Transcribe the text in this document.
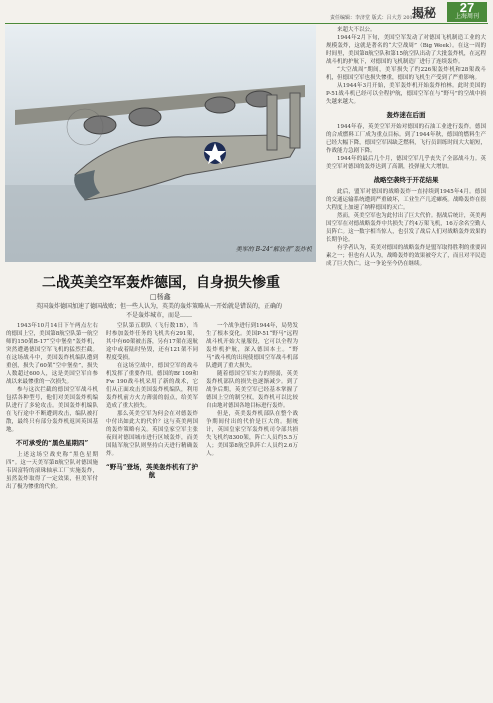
揭秘
责任编辑：李济堂 版式：吕大芳 2018.2.2
27
上海周刊
美军的 B-24“解放者”轰炸机
二战英美空军轰炸德国，自身损失惨重
□杨鑫
英国轰炸德国加速了德国战败；但一些人认为，英美的轰炸策略从一开始就是错误的，正确的不是轰炸城市，而是……

1943年10月14日下午两点左右的德国上空，美国第8航空队第一航空师的150架B-17“空中堡垒”轰炸机，突然遭遇德国空军飞机的猛烈拦截。在这场战斗中，美国轰炸机编队遭到重创，损失了60架“空中堡垒”，损失人数超过600人，这是美国空军自参战以来最惨重的一次损失。

参与这次拦截的德国空军战斗机包括各种型号，他们对美国轰炸机编队进行了多轮攻击。美国轰炸机编队在飞行途中不断遭到攻击，编队被打散，最终只有部分轰炸机返回英国基地。

不可承受的“黑色星期四”

上述这场空战史称“黑色星期四”。这一天美军第8航空队对德国施韦因富特的滚珠轴承工厂实施轰炸，虽然轰炸取得了一定效果，但美军付出了极为惨重的代价。

空队第五联队（飞行数1B），当时参加轰炸任务的飞机共有291架，其中有60架被击落，另有17架在返航途中或着陆时坠毁，还有121架不同程度受损。

在这场空战中，德国空军的战斗机发挥了重要作用。德国的Bf 109和Fw 190战斗机采用了新的战术，它们从正面攻击美国轰炸机编队，利用轰炸机前方火力薄弱的弱点，给美军造成了重大损失。

那么英美空军为何会在对德轰炸中付出如此大的代价？这与英美两国的轰炸策略有关。英国皇家空军主张夜间对德国城市进行区域轰炸，而美国陆军航空队则坚持白天进行精确轰炸。

“野马”登场，英美轰炸机有了护航

一个战争进行到1944年，局势发生了根本变化。美国P-51“野马”远程战斗机开始大量服役，它可以全程为轰炸机护航，深入德国本土。“野马”战斗机的出现使德国空军战斗机部队遭到了重大损失。

随着德国空军实力的削弱，英美轰炸机部队的损失也逐渐减少。到了战争后期，英美空军已经基本掌握了德国上空的制空权，轰炸机可以比较自由地对德国各地目标进行轰炸。

但是，英美轰炸机部队在整个战争期间付出的代价是巨大的。据统计，英国皇家空军轰炸机司令部共损失飞机约8300架，阵亡人员约5.5万人；美国第8航空队阵亡人员约2.6万人。

来超大不以公。

1944年2月下旬，美国空军发动了对德国飞机制造工业的大规模轰炸，这就是著名的“大空战周”（Big Week）。在这一周的时间里，美国第8航空队和第15航空队出动了大批轰炸机，在远程战斗机的护航下，对德国的飞机制造厂进行了连续轰炸。

“大空战周”期间，美军损失了约226架轰炸机和28架战斗机，但德国空军也损失惨重，德国的飞机生产受到了严重影响。

从1944年3月开始，美军轰炸机开始轰炸柏林。此时美国的P-51战斗机已经可以全程护航，德国空军在与“野马”的空战中损失越来越大。

轰炸迷在后面

1944年春，英美空军开始对德国的石油工业进行轰炸。德国的合成燃料工厂成为重点目标。到了1944年秋，德国的燃料生产已经大幅下降，德国空军因缺乏燃料，飞行员训练时间大大缩短，作战能力急剧下降。

1944年的最后几个月，德国空军几乎丧失了全部战斗力。英美空军对德国的轰炸达到了高潮，投弹量大大增加。

战略空袭终于开花结果

此后，盟军对德国的战略轰炸一直持续到1945年4月。德国的交通运输系统遭到严重破坏，工业生产几近瘫痪。战略轰炸在很大程度上加速了纳粹德国的灭亡。

然而，英美空军也为此付出了巨大代价。据战后统计，英美两国空军在对德战略轰炸中共损失了约4万架飞机，16万余名空勤人员阵亡。这一数字相当惊人，也引发了战后人们对战略轰炸效果的长期争论。

有学者认为，英美对德国的战略轰炸是盟军取得胜利的重要因素之一；但也有人认为，战略轰炸的效果被夸大了，而且对平民造成了巨大伤亡。这一争论至今仍在继续。
